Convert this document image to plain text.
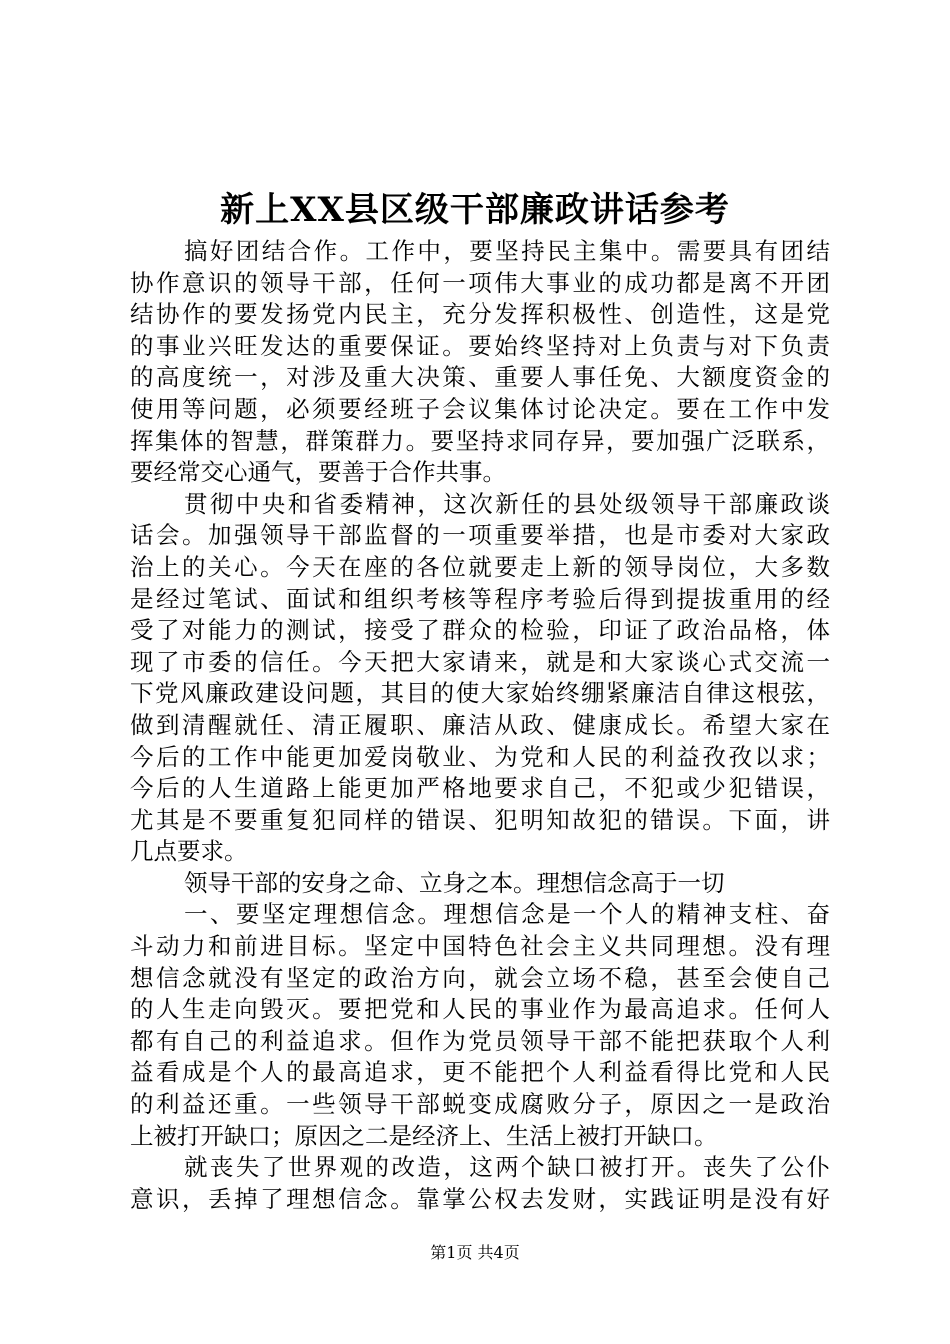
新上XX县区级干部廉政讲话参考
搞好团结合作。工作中，要坚持民主集中。需要具有团结
协作意识的领导干部，任何一项伟大事业的成功都是离不开团
结协作的要发扬党内民主，充分发挥积极性、创造性，这是党
的事业兴旺发达的重要保证。要始终坚持对上负责与对下负责
的高度统一，对涉及重大决策、重要人事任免、大额度资金的
使用等问题，必须要经班子会议集体讨论决定。要在工作中发
挥集体的智慧，群策群力。要坚持求同存异，要加强广泛联系，
要经常交心通气，要善于合作共事。
贯彻中央和省委精神，这次新任的县处级领导干部廉政谈
话会。加强领导干部监督的一项重要举措，也是市委对大家政
治上的关心。今天在座的各位就要走上新的领导岗位，大多数
是经过笔试、面试和组织考核等程序考验后得到提拔重用的经
受了对能力的测试，接受了群众的检验，印证了政治品格，体
现了市委的信任。今天把大家请来，就是和大家谈心式交流一
下党风廉政建设问题，其目的使大家始终绷紧廉洁自律这根弦，
做到清醒就任、清正履职、廉洁从政、健康成长。希望大家在
今后的工作中能更加爱岗敬业、为党和人民的利益孜孜以求；
今后的人生道路上能更加严格地要求自己，不犯或少犯错误，
尤其是不要重复犯同样的错误、犯明知故犯的错误。下面，讲
几点要求。
领导干部的安身之命、立身之本。理想信念高于一切
一、要坚定理想信念。理想信念是一个人的精神支柱、奋
斗动力和前进目标。坚定中国特色社会主义共同理想。没有理
想信念就没有坚定的政治方向，就会立场不稳，甚至会使自己
的人生走向毁灭。要把党和人民的事业作为最高追求。任何人
都有自己的利益追求。但作为党员领导干部不能把获取个人利
益看成是个人的最高追求，更不能把个人利益看得比党和人民
的利益还重。一些领导干部蜕变成腐败分子，原因之一是政治
上被打开缺口；原因之二是经济上、生活上被打开缺口。
就丧失了世界观的改造，这两个缺口被打开。丧失了公仆
意识，丢掉了理想信念。靠掌公权去发财，实践证明是没有好
第1页 共4页
